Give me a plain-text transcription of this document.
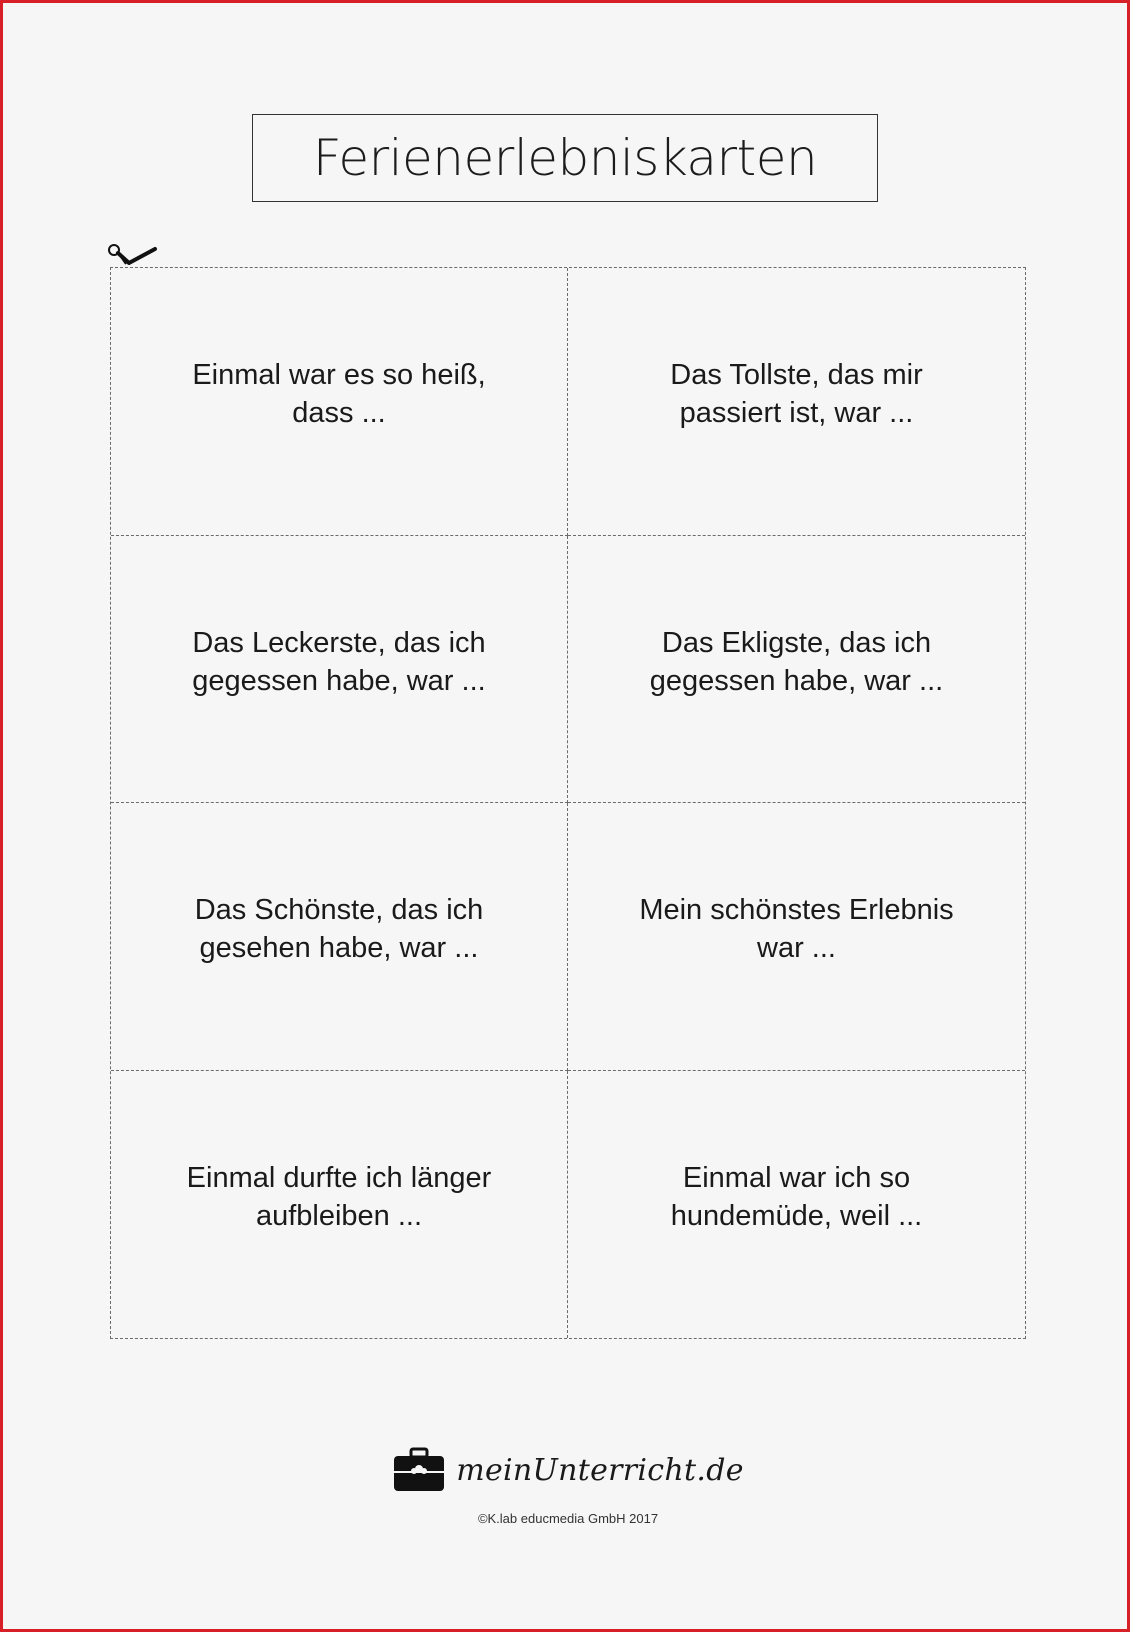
Ferienerlebniskarten
Einmal war es so heiß, dass ...
Das Tollste, das mir passiert ist, war ...
Das Leckerste, das ich gegessen habe, war ...
Das Ekligste, das ich gegessen habe, war ...
Das Schönste, das ich gesehen habe, war ...
Mein schönstes Erlebnis war ...
Einmal durfte ich länger aufbleiben ...
Einmal war ich so hundemüde, weil ...
meinUnterricht.de
©K.lab educmedia GmbH 2017
